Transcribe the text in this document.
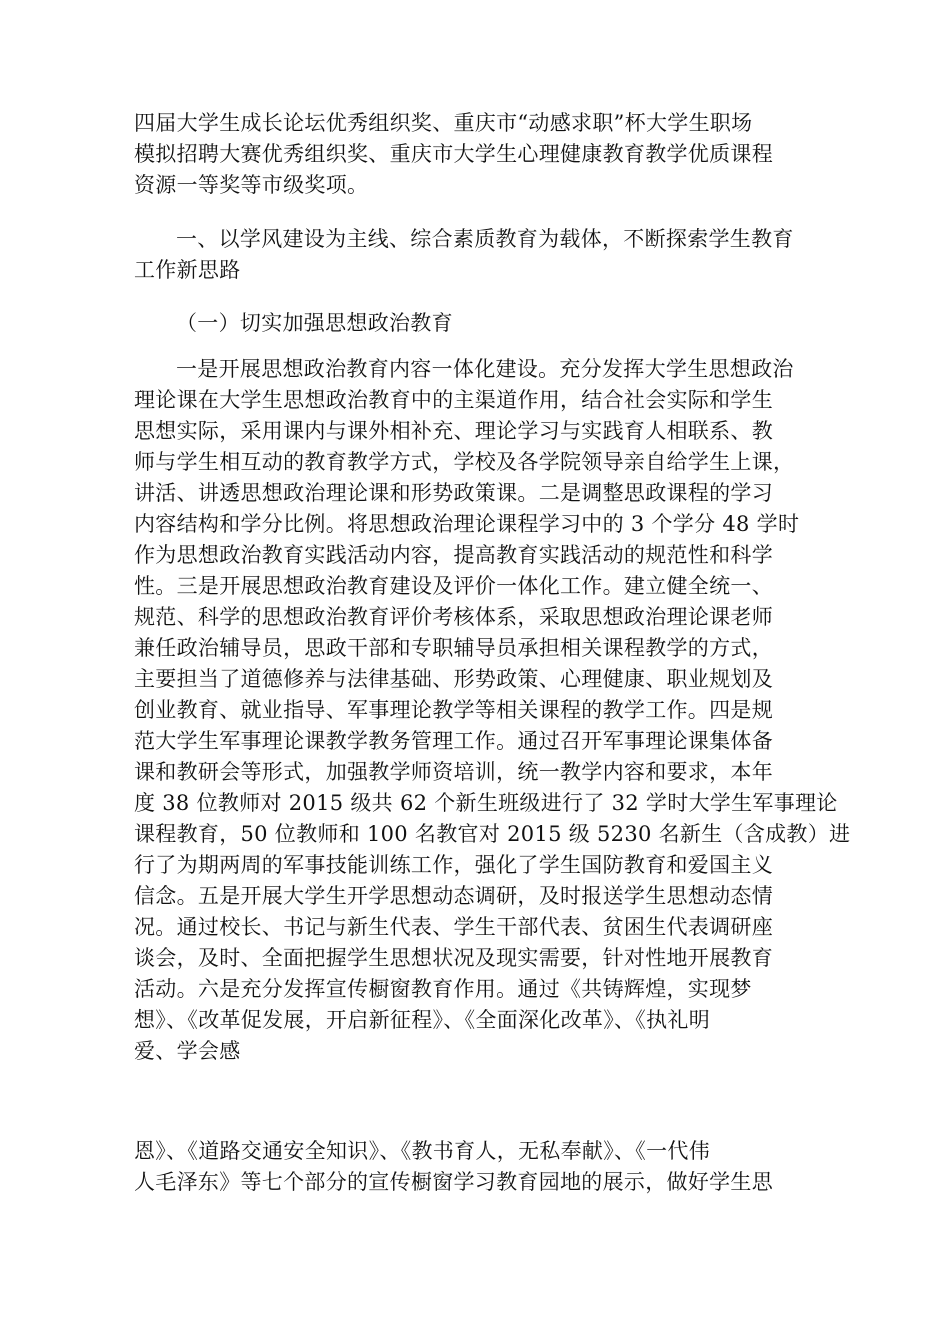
四届大学生成长论坛优秀组织奖、重庆市“动感求职”杯大学生职场
模拟招聘大赛优秀组织奖、重庆市大学生心理健康教育教学优质课程
资源一等奖等市级奖项。
一、以学风建设为主线、综合素质教育为载体，不断探索学生教育
工作新思路
（一）切实加强思想政治教育
一是开展思想政治教育内容一体化建设。充分发挥大学生思想政治
理论课在大学生思想政治教育中的主渠道作用，结合社会实际和学生
思想实际，采用课内与课外相补充、理论学习与实践育人相联系、教
师与学生相互动的教育教学方式，学校及各学院领导亲自给学生上课，
讲活、讲透思想政治理论课和形势政策课。二是调整思政课程的学习
内容结构和学分比例。将思想政治理论课程学习中的 3 个学分 48 学时
作为思想政治教育实践活动内容，提高教育实践活动的规范性和科学
性。三是开展思想政治教育建设及评价一体化工作。建立健全统一、
规范、科学的思想政治教育评价考核体系，采取思想政治理论课老师
兼任政治辅导员，思政干部和专职辅导员承担相关课程教学的方式，
主要担当了道德修养与法律基础、形势政策、心理健康、职业规划及
创业教育、就业指导、军事理论教学等相关课程的教学工作。四是规
范大学生军事理论课教学教务管理工作。通过召开军事理论课集体备
课和教研会等形式，加强教学师资培训，统一教学内容和要求，本年
度 38 位教师对 2015 级共 62 个新生班级进行了 32 学时大学生军事理论
课程教育，50 位教师和 100 名教官对 2015 级 5230 名新生（含成教）进
行了为期两周的军事技能训练工作，强化了学生国防教育和爱国主义
信念。五是开展大学生开学思想动态调研，及时报送学生思想动态情
况。通过校长、书记与新生代表、学生干部代表、贫困生代表调研座
谈会，及时、全面把握学生思想状况及现实需要，针对性地开展教育
活动。六是充分发挥宣传橱窗教育作用。通过《共铸辉煌，实现梦
想》、《改革促发展，开启新征程》、《全面深化改革》、《执礼明
爱、学会感
恩》、《道路交通安全知识》、《教书育人，无私奉献》、《一代伟
人毛泽东》等七个部分的宣传橱窗学习教育园地的展示，做好学生思
